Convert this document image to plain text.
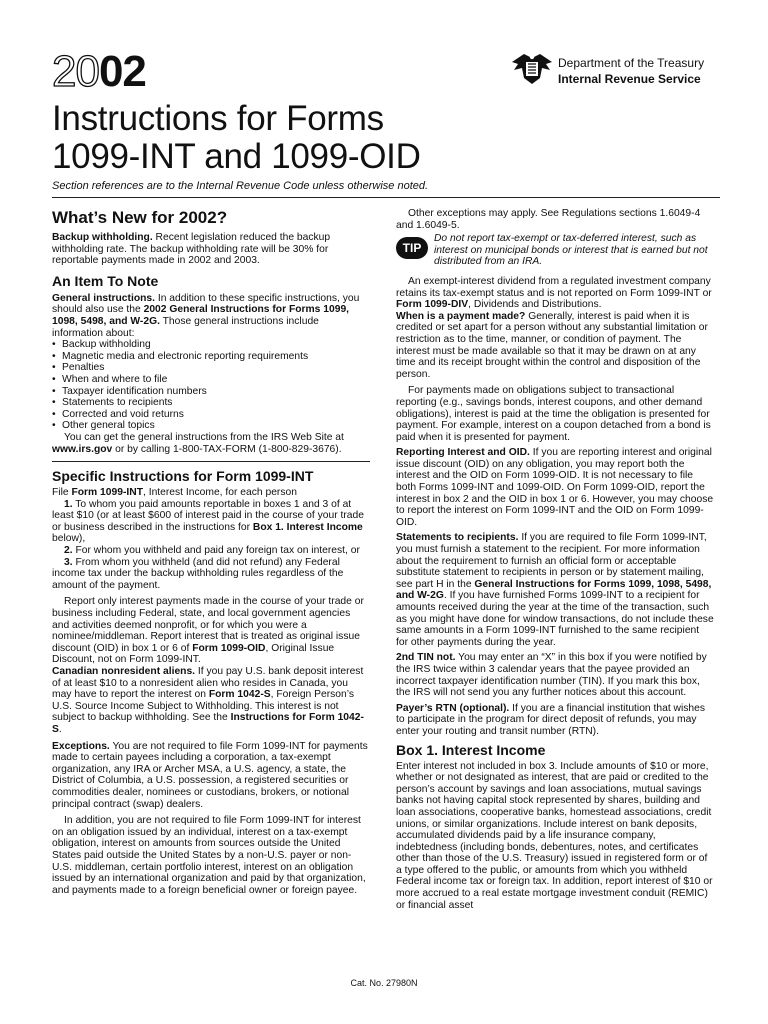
2002	Department of the Treasury
Internal Revenue Service
Instructions for Forms
1099-INT and 1099-OID
Section references are to the Internal Revenue Code unless otherwise noted.
What’s New for 2002?

Backup withholding. Recent legislation reduced the backup withholding rate. The backup withholding rate will be 30% for reportable payments made in 2002 and 2003.

An Item To Note

General instructions. In addition to these specific instructions, you should also use the 2002 General Instructions for Forms 1099, 1098, 5498, and W-2G. Those general instructions include information about:

• Backup withholding
• Magnetic media and electronic reporting requirements
• Penalties
• When and where to file
• Taxpayer identification numbers
• Statements to recipients
• Corrected and void returns
• Other general topics

You can get the general instructions from the IRS Web Site at www.irs.gov or by calling 1-800-TAX-FORM (1-800-829-3676).

Specific Instructions for Form 1099-INT

File Form 1099-INT, Interest Income, for each person

1. To whom you paid amounts reportable in boxes 1 and 3 of at least $10 (or at least $600 of interest paid in the course of your trade or business described in the instructions for Box 1. Interest Income below),

2. For whom you withheld and paid any foreign tax on interest, or

3. From whom you withheld (and did not refund) any Federal income tax under the backup withholding rules regardless of the amount of the payment.

Report only interest payments made in the course of your trade or business including Federal, state, and local government agencies and activities deemed nonprofit, or for which you were a nominee/middleman. Report interest that is treated as original issue discount (OID) in box 1 or 6 of Form 1099-OID, Original Issue Discount, not on Form 1099-INT.

Canadian nonresident aliens. If you pay U.S. bank deposit interest of at least $10 to a nonresident alien who resides in Canada, you may have to report the interest on Form 1042-S, Foreign Person’s U.S. Source Income Subject to Withholding. This interest is not subject to backup withholding. See the Instructions for Form 1042-S.

Exceptions. You are not required to file Form 1099-INT for payments made to certain payees including a corporation, a tax-exempt organization, any IRA or Archer MSA, a U.S. agency, a state, the District of Columbia, a U.S. possession, a registered securities or commodities dealer, nominees or custodians, brokers, or notional principal contract (swap) dealers.

In addition, you are not required to file Form 1099-INT for interest on an obligation issued by an individual, interest on a tax-exempt obligation, interest on amounts from sources outside the United States paid outside the United States by a non-U.S. payer or non-U.S. middleman, certain portfolio interest, interest on an obligation issued by an international organization and paid by that organization, and payments made to a foreign beneficial owner or foreign payee.

Other exceptions may apply. See Regulations sections 1.6049-4 and 1.6049-5.

TIP
Do not report tax-exempt or tax-deferred interest, such as interest on municipal bonds or interest that is earned but not distributed from an IRA.

An exempt-interest dividend from a regulated investment company retains its tax-exempt status and is not reported on Form 1099-INT or Form 1099-DIV, Dividends and Distributions.

When is a payment made? Generally, interest is paid when it is credited or set apart for a person without any substantial limitation or restriction as to the time, manner, or condition of payment. The interest must be made available so that it may be drawn on at any time and its receipt brought within the control and disposition of the person.

For payments made on obligations subject to transactional reporting (e.g., savings bonds, interest coupons, and other demand obligations), interest is paid at the time the obligation is presented for payment. For example, interest on a coupon detached from a bond is paid when it is presented for payment.

Reporting Interest and OID. If you are reporting interest and original issue discount (OID) on any obligation, you may report both the interest and the OID on Form 1099-OID. It is not necessary to file both Forms 1099-INT and 1099-OID. On Form 1099-OID, report the interest in box 2 and the OID in box 1 or 6. However, you may choose to report the interest on Form 1099-INT and the OID on Form 1099-OID.

Statements to recipients. If you are required to file Form 1099-INT, you must furnish a statement to the recipient. For more information about the requirement to furnish an official form or acceptable substitute statement to recipients in person or by statement mailing, see part H in the General Instructions for Forms 1099, 1098, 5498, and W-2G. If you have furnished Forms 1099-INT to a recipient for amounts received during the year at the time of the transaction, such as you might have done for window transactions, do not include these same amounts in a Form 1099-INT furnished to the same recipient for other payments during the year.

2nd TIN not. You may enter an “X” in this box if you were notified by the IRS twice within 3 calendar years that the payee provided an incorrect taxpayer identification number (TIN). If you mark this box, the IRS will not send you any further notices about this account.

Payer’s RTN (optional). If you are a financial institution that wishes to participate in the program for direct deposit of refunds, you may enter your routing and transit number (RTN).

Box 1. Interest Income

Enter interest not included in box 3. Include amounts of $10 or more, whether or not designated as interest, that are paid or credited to the person’s account by savings and loan associations, mutual savings banks not having capital stock represented by shares, building and loan associations, cooperative banks, homestead associations, credit unions, or similar organizations. Include interest on bank deposits, accumulated dividends paid by a life insurance company, indebtedness (including bonds, debentures, notes, and certificates other than those of the U.S. Treasury) issued in registered form or of a type offered to the public, or amounts from which you withheld Federal income tax or foreign tax. In addition, report interest of $10 or more accrued to a real estate mortgage investment conduit (REMIC) or financial asset

Cat. No. 27980N
